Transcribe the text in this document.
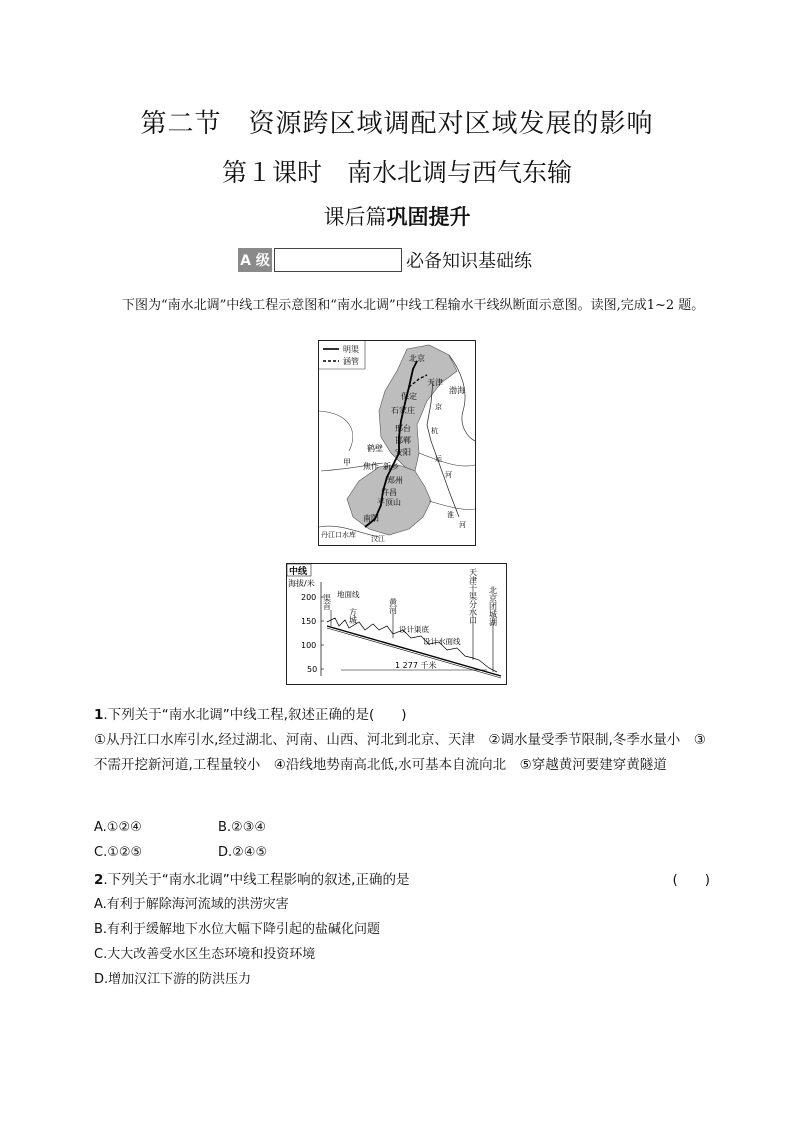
第二节　资源跨区域调配对区域发展的影响
第１课时　南水北调与西气东输
课后篇巩固提升
A 级	必备知识基础练
下图为“南水北调”中线工程示意图和“南水北调”中线工程输水干线纵断面示意图。读图,完成1~2 题。
明渠
涵管	北京
天津
保定
渤海
石家庄
邢台
邯郸
安阳
鹤壁
焦作 新乡
甲
郑州
许昌
平顶山
南阳
丹江口水库 汉江
京
杭
运
河
淮
河
中线
海拔/米
200
150
100
50
渠首 地面线
方城
黄河
设计渠底
设计水面线
天津干渠分水口 北京团城湖
1 277 千米
1.下列关于“南水北调”中线工程,叙述正确的是(　　)
①从丹江口水库引水,经过湖北、河南、山西、河北到北京、天津　②调水量受季节限制,冬季水量小　③不需开挖新河道,工程量较小　④沿线地势南高北低,水可基本自流向北　⑤穿越黄河要建穿黄隧道
A.①②④	B.②③④
C.①②⑤	D.②④⑤
2.下列关于“南水北调”中线工程影响的叙述,正确的是	(　　)
A.有利于解除海河流域的洪涝灾害
B.有利于缓解地下水位大幅下降引起的盐碱化问题
C.大大改善受水区生态环境和投资环境
D.增加汉江下游的防洪压力
